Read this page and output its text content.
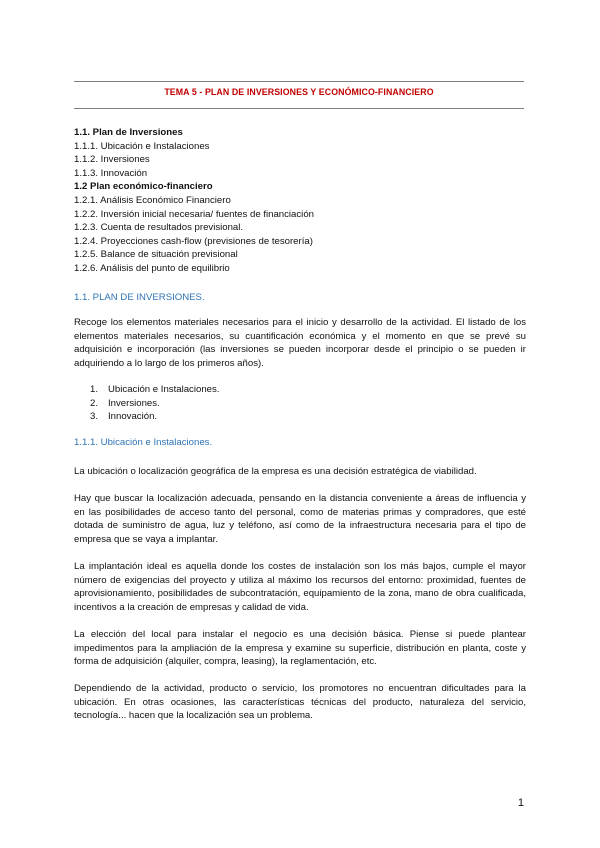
TEMA 5 - PLAN DE INVERSIONES Y ECONÓMICO-FINANCIERO
1.1. Plan de Inversiones
1.1.1. Ubicación e Instalaciones
1.1.2. Inversiones
1.1.3. Innovación
1.2 Plan económico-financiero
1.2.1. Análisis Económico Financiero
1.2.2. Inversión inicial necesaria/ fuentes de financiación
1.2.3. Cuenta de resultados previsional.
1.2.4. Proyecciones cash-flow (previsiones de tesorería)
1.2.5. Balance de situación previsional
1.2.6. Análisis del punto de equilibrio
1.1. PLAN DE INVERSIONES.
Recoge los elementos materiales necesarios para el inicio y desarrollo de la actividad. El listado de los elementos materiales necesarios, su cuantificación económica y el momento en que se prevé su adquisición e incorporación (las inversiones se pueden incorporar desde el principio o se pueden ir adquiriendo a lo largo de los primeros años).
1. Ubicación e Instalaciones.
2. Inversiones.
3. Innovación.
1.1.1. Ubicación e Instalaciones.
La ubicación o localización geográfica de la empresa es una decisión estratégica de viabilidad.
Hay que buscar la localización adecuada, pensando en la distancia conveniente a áreas de influencia y en las posibilidades de acceso tanto del personal, como de materias primas y compradores, que esté dotada de suministro de agua, luz y teléfono, así como de la infraestructura necesaria para el tipo de empresa que se vaya a implantar.
La implantación ideal es aquella donde los costes de instalación son los más bajos, cumple el mayor número de exigencias del proyecto y utiliza al máximo los recursos del entorno: proximidad, fuentes de aprovisionamiento, posibilidades de subcontratación, equipamiento de la zona, mano de obra cualificada, incentivos a la creación de empresas y calidad de vida.
La elección del local para instalar el negocio es una decisión básica. Piense si puede plantear impedimentos para la ampliación de la empresa y examine su superficie, distribución en planta, coste y forma de adquisición (alquiler, compra, leasing), la reglamentación, etc.
Dependiendo de la actividad, producto o servicio, los promotores no encuentran dificultades para la ubicación. En otras ocasiones, las características técnicas del producto, naturaleza del servicio, tecnología... hacen que la localización sea un problema.
1
